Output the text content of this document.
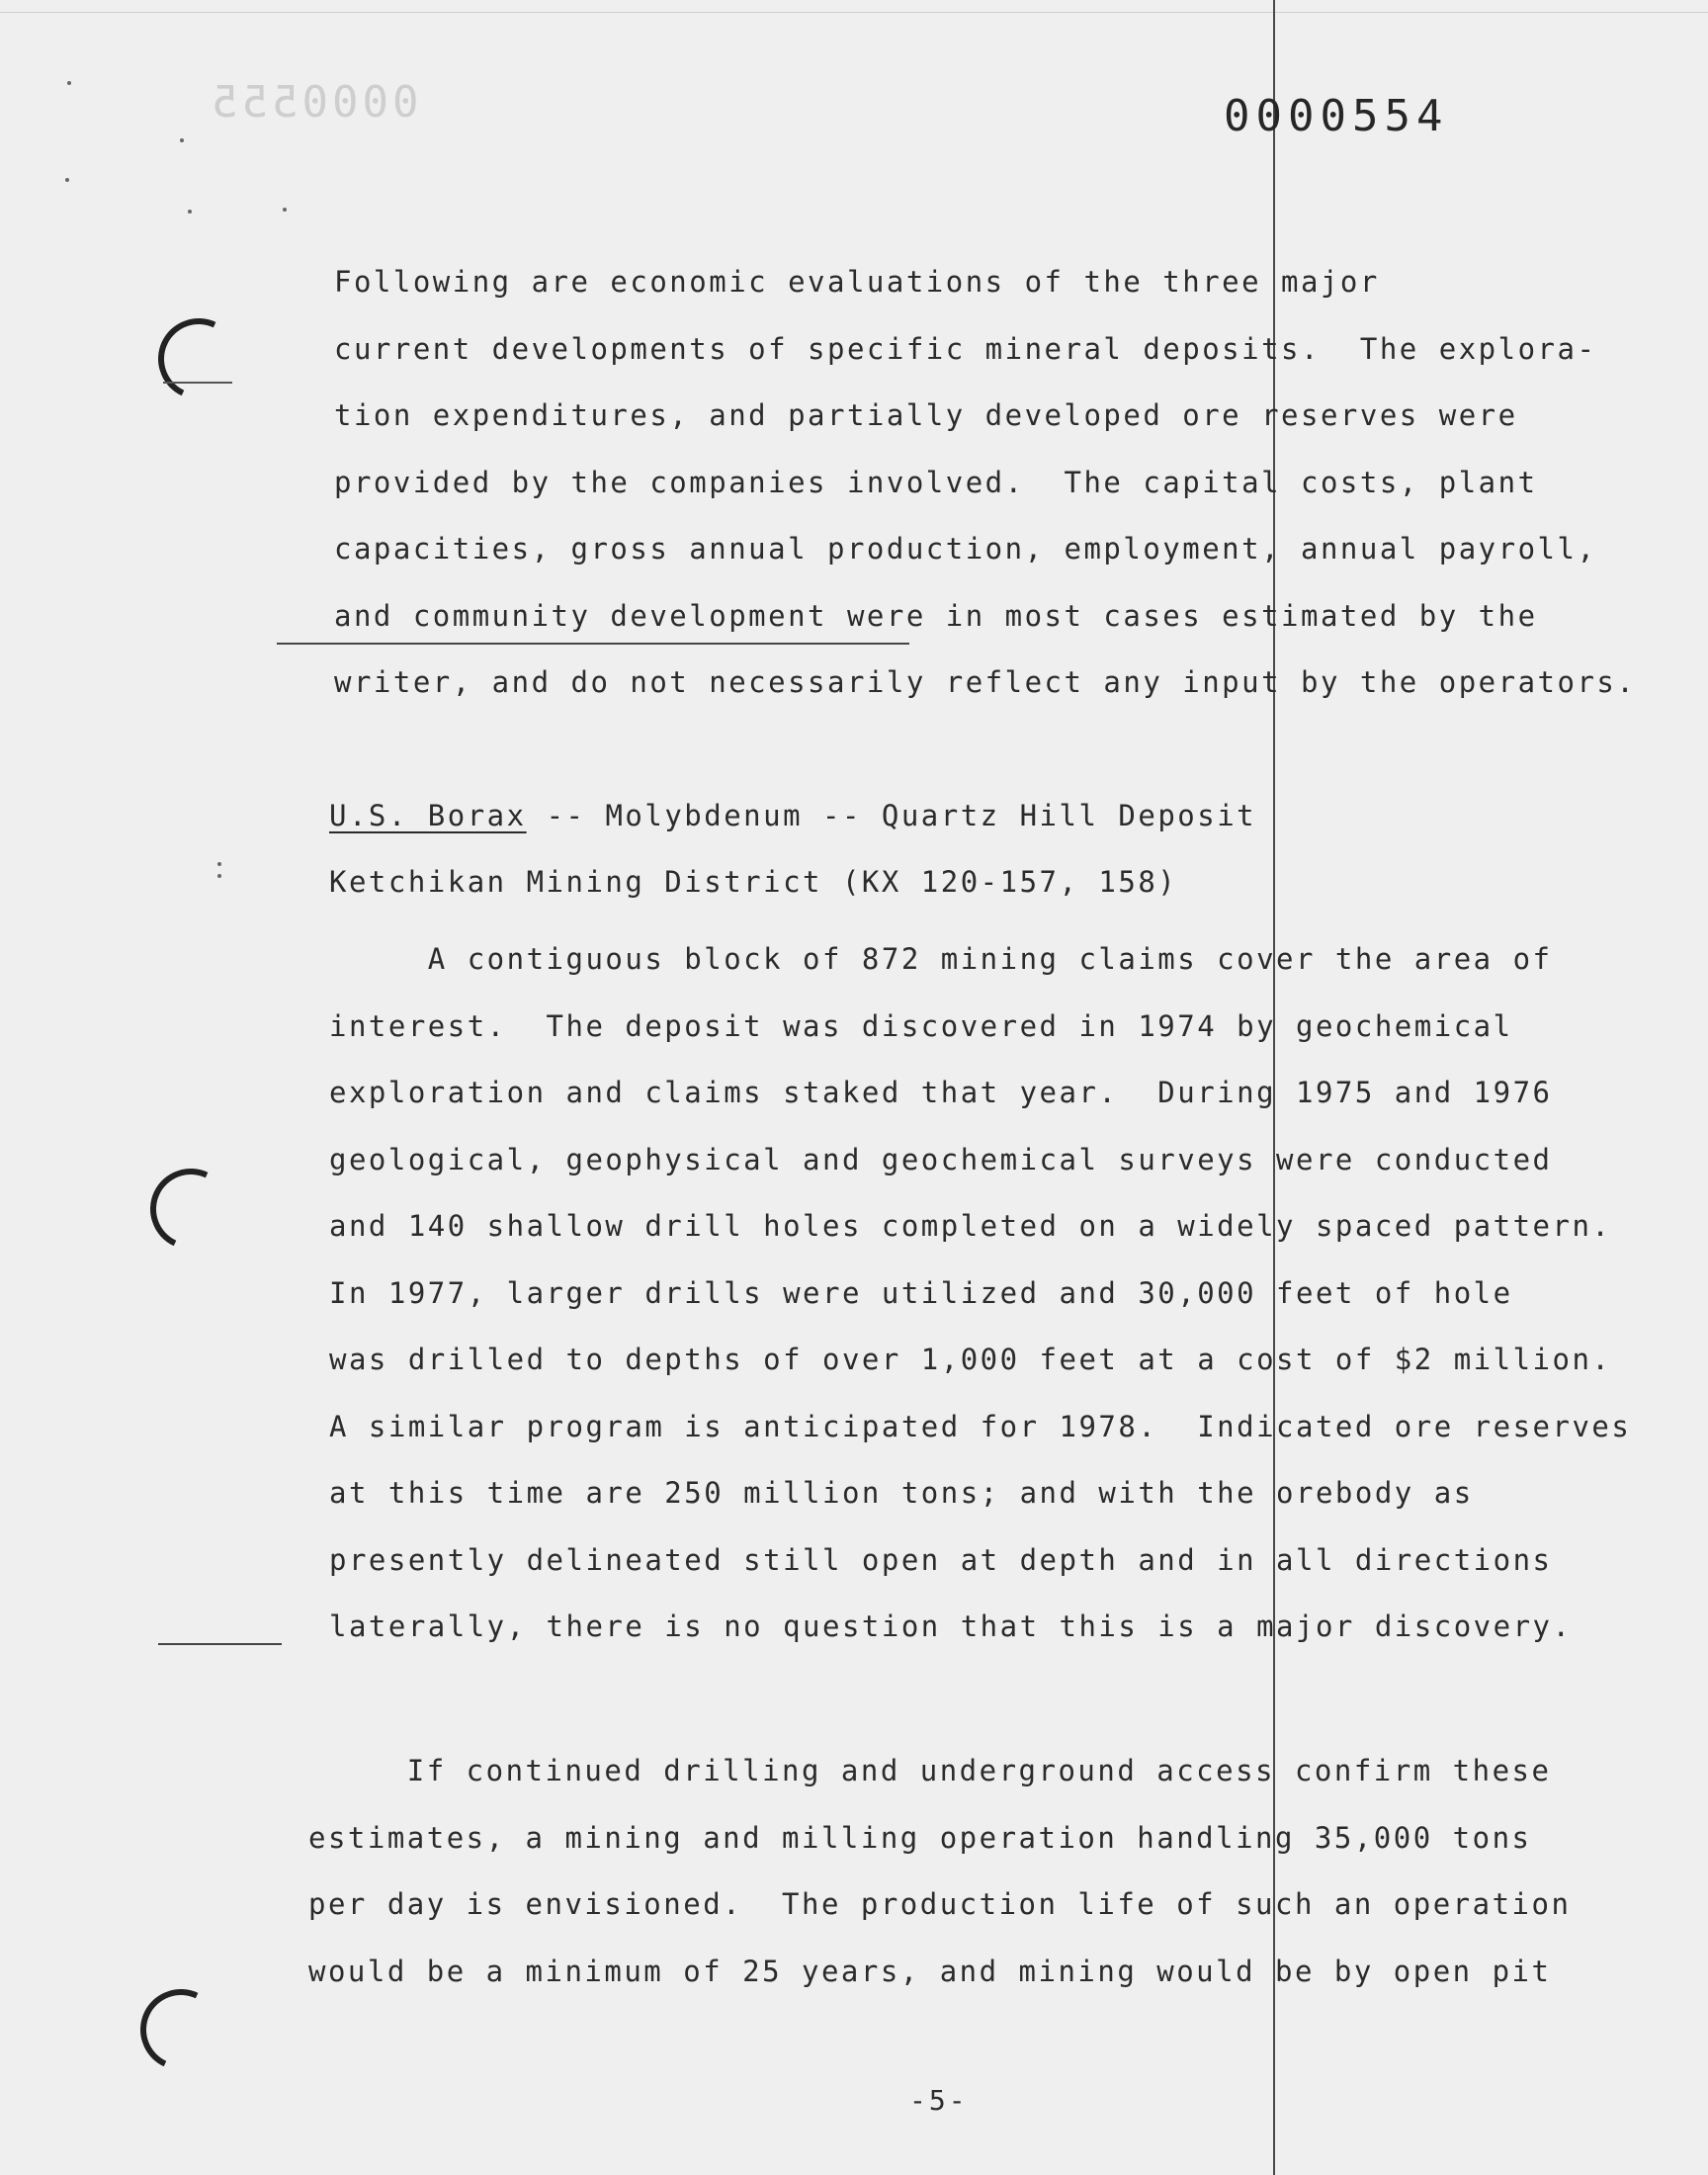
0000555	0000554
Following are economic evaluations of the three major
current developments of specific mineral deposits.  The explora-
tion expenditures, and partially developed ore reserves were
provided by the companies involved.  The capital costs, plant
capacities, gross annual production, employment, annual payroll,
and community development were in most cases estimated by the
writer, and do not necessarily reflect any input by the operators.
U.S. Borax -- Molybdenum -- Quartz Hill Deposit
Ketchikan Mining District (KX 120-157, 158)
A contiguous block of 872 mining claims cover the area of
interest.  The deposit was discovered in 1974 by geochemical
exploration and claims staked that year.  During 1975 and 1976
geological, geophysical and geochemical surveys were conducted
and 140 shallow drill holes completed on a widely spaced pattern.
In 1977, larger drills were utilized and 30,000 feet of hole
was drilled to depths of over 1,000 feet at a cost of $2 million.
A similar program is anticipated for 1978.  Indicated ore reserves
at this time are 250 million tons; and with the orebody as
presently delineated still open at depth and in all directions
laterally, there is no question that this is a major discovery.
If continued drilling and underground access confirm these
estimates, a mining and milling operation handling 35,000 tons
per day is envisioned.  The production life of such an operation
would be a minimum of 25 years, and mining would be by open pit
-5-
